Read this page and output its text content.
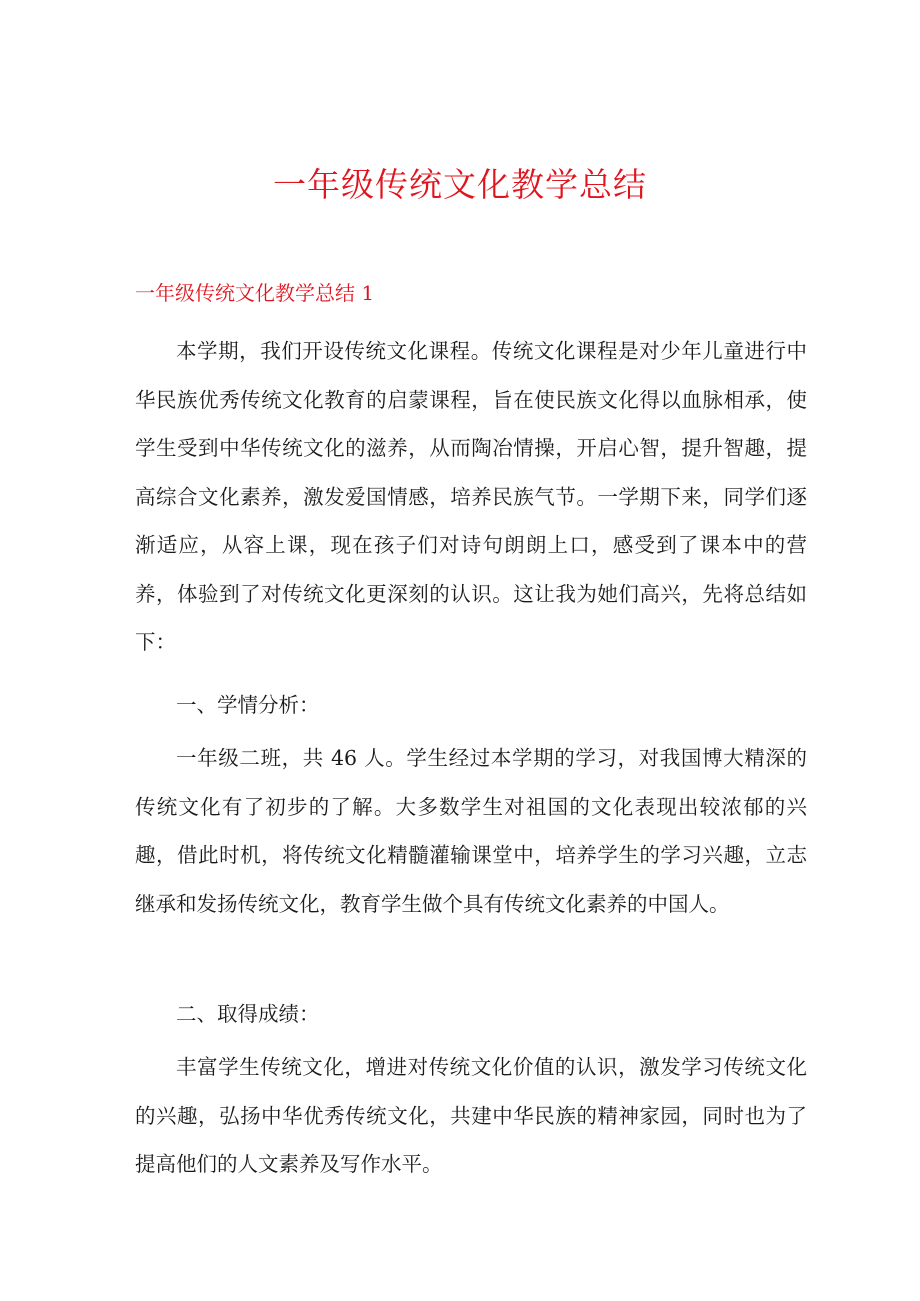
一年级传统文化教学总结
一年级传统文化教学总结 1

本学期，我们开设传统文化课程。传统文化课程是对少年儿童进行中华民族优秀传统文化教育的启蒙课程，旨在使民族文化得以血脉相承，使学生受到中华传统文化的滋养，从而陶冶情操，开启心智，提升智趣，提高综合文化素养，激发爱国情感，培养民族气节。一学期下来，同学们逐渐适应，从容上课，现在孩子们对诗句朗朗上口，感受到了课本中的营养，体验到了对传统文化更深刻的认识。这让我为她们高兴，先将总结如下：

一、学情分析：

一年级二班，共 46 人。学生经过本学期的学习，对我国博大精深的传统文化有了初步的了解。大多数学生对祖国的文化表现出较浓郁的兴趣，借此时机，将传统文化精髓灌输课堂中，培养学生的学习兴趣，立志继承和发扬传统文化，教育学生做个具有传统文化素养的中国人。

二、取得成绩：

丰富学生传统文化，增进对传统文化价值的认识，激发学习传统文化的兴趣，弘扬中华优秀传统文化，共建中华民族的精神家园，同时也为了提高他们的人文素养及写作水平。
